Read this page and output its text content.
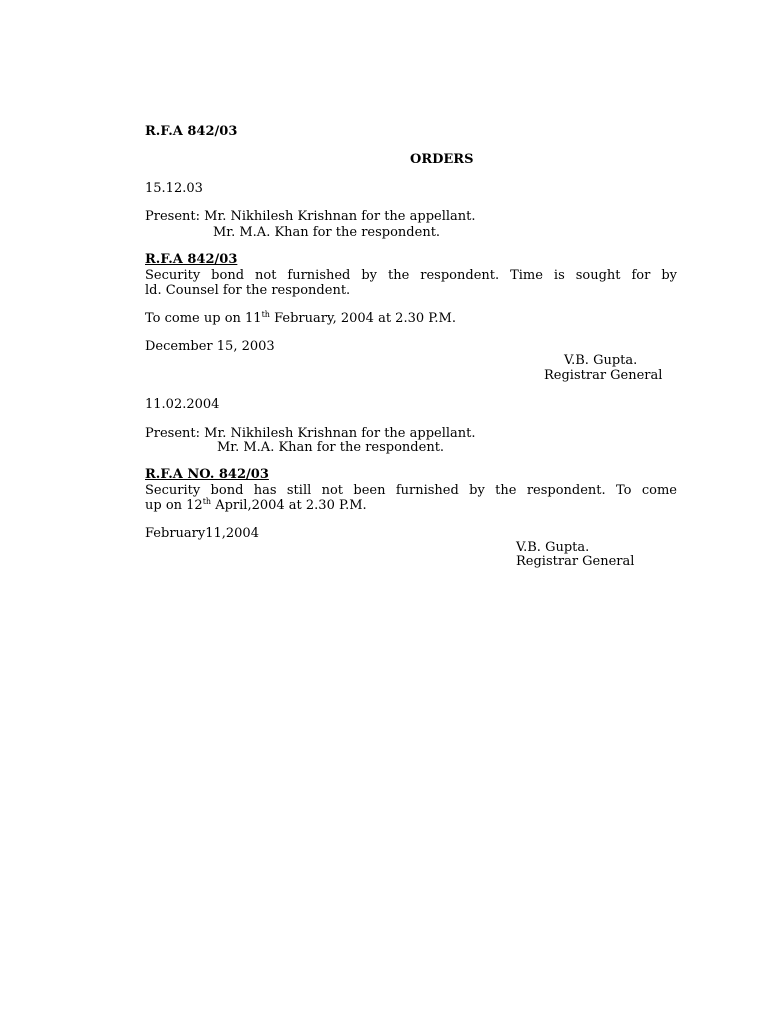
R.F.A 842/03
ORDERS
15.12.03
Present: Mr. Nikhilesh Krishnan for the appellant.
Mr. M.A. Khan for the respondent.
R.F.A 842/03
Security bond not furnished by the respondent. Time is sought for by
ld. Counsel for the respondent.
To come up on 11th February, 2004 at 2.30 P.M.
December 15, 2003
V.B. Gupta.
Registrar General
11.02.2004
Present: Mr. Nikhilesh Krishnan for the appellant.
Mr. M.A. Khan for the respondent.
R.F.A NO. 842/03
Security bond has still not been furnished by the respondent. To come
up on 12th April,2004 at 2.30 P.M.
February11,2004
V.B. Gupta.
Registrar General
